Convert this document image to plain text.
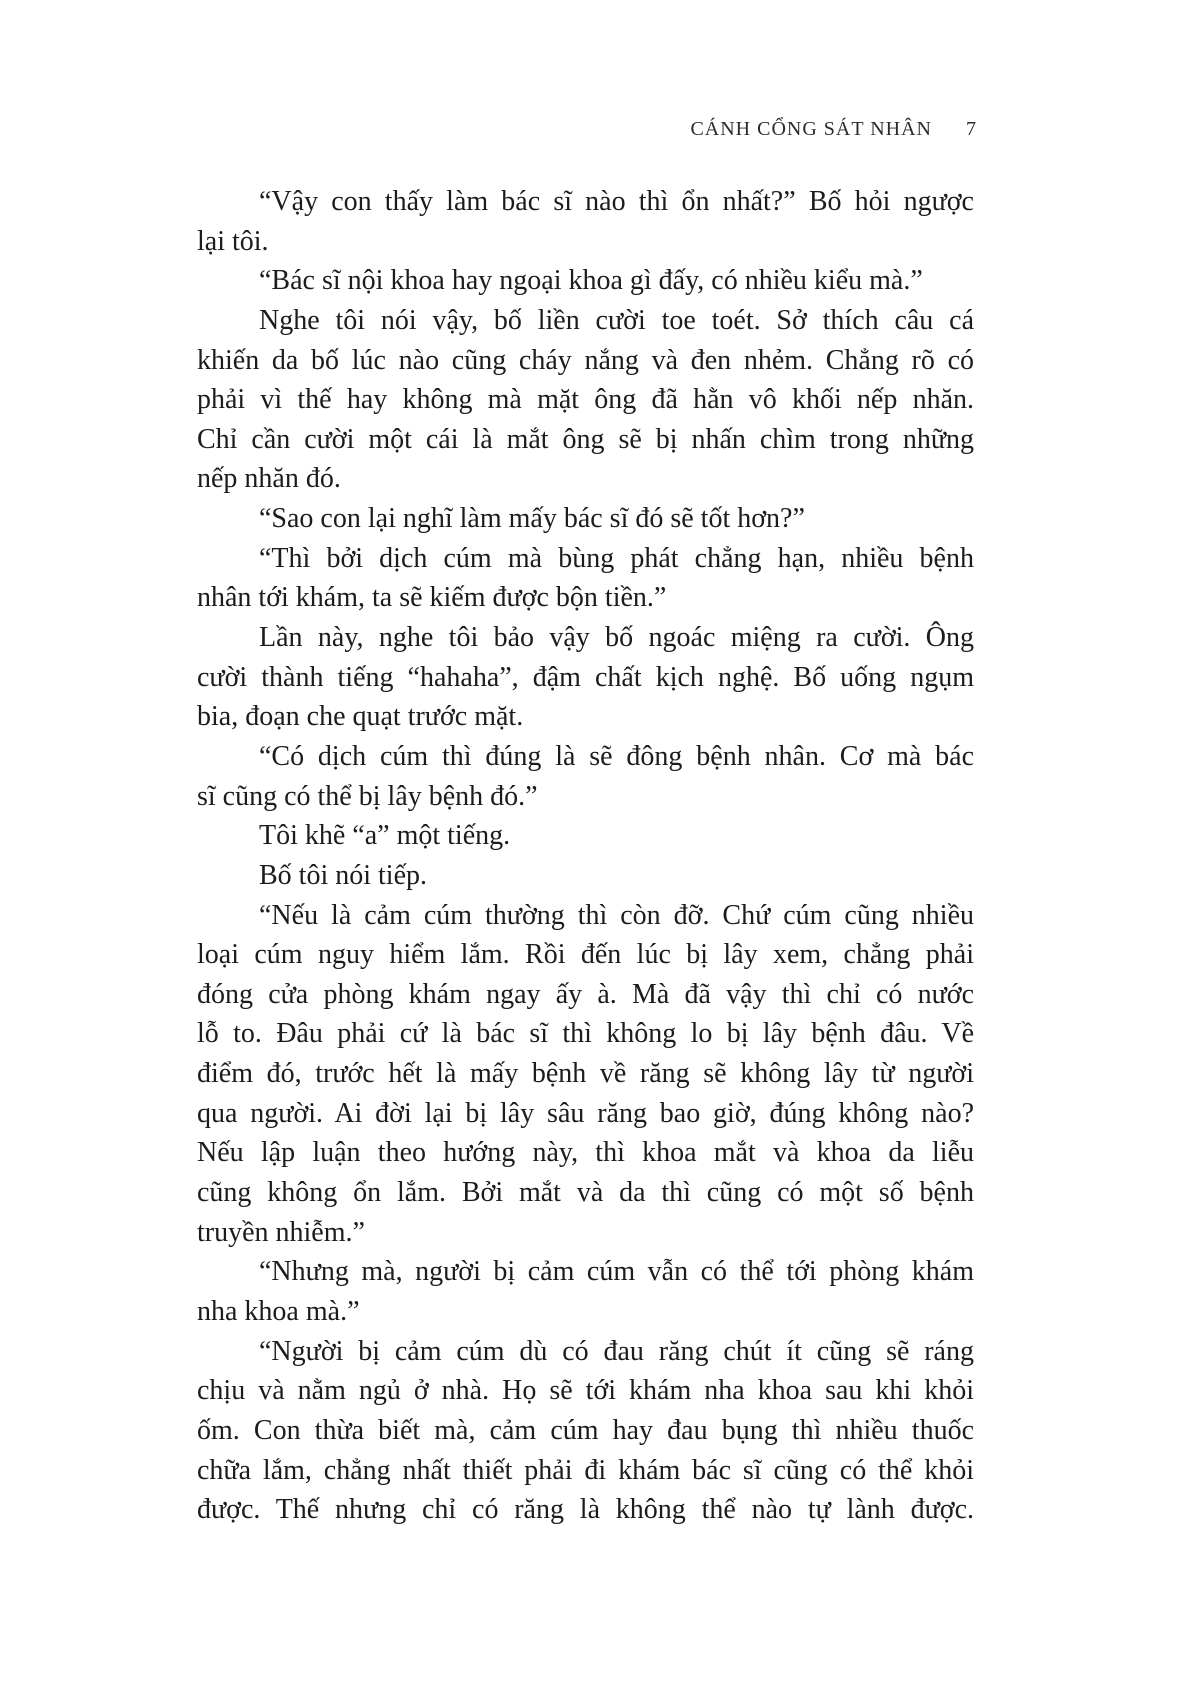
CÁNH CỔNG SÁT NHÂN 7
“Vậy con thấy làm bác sĩ nào thì ổn nhất?” Bố hỏi ngược
lại tôi.
“Bác sĩ nội khoa hay ngoại khoa gì đấy, có nhiều kiểu mà.”
Nghe tôi nói vậy, bố liền cười toe toét. Sở thích câu cá
khiến da bố lúc nào cũng cháy nắng và đen nhẻm. Chẳng rõ có
phải vì thế hay không mà mặt ông đã hằn vô khối nếp nhăn.
Chỉ cần cười một cái là mắt ông sẽ bị nhấn chìm trong những
nếp nhăn đó.
“Sao con lại nghĩ làm mấy bác sĩ đó sẽ tốt hơn?”
“Thì bởi dịch cúm mà bùng phát chẳng hạn, nhiều bệnh
nhân tới khám, ta sẽ kiếm được bộn tiền.”
Lần này, nghe tôi bảo vậy bố ngoác miệng ra cười. Ông
cười thành tiếng “hahaha”, đậm chất kịch nghệ. Bố uống ngụm
bia, đoạn che quạt trước mặt.
“Có dịch cúm thì đúng là sẽ đông bệnh nhân. Cơ mà bác
sĩ cũng có thể bị lây bệnh đó.”
Tôi khẽ “a” một tiếng.
Bố tôi nói tiếp.
“Nếu là cảm cúm thường thì còn đỡ. Chứ cúm cũng nhiều
loại cúm nguy hiểm lắm. Rồi đến lúc bị lây xem, chẳng phải
đóng cửa phòng khám ngay ấy à. Mà đã vậy thì chỉ có nước
lỗ to. Đâu phải cứ là bác sĩ thì không lo bị lây bệnh đâu. Về
điểm đó, trước hết là mấy bệnh về răng sẽ không lây từ người
qua người. Ai đời lại bị lây sâu răng bao giờ, đúng không nào?
Nếu lập luận theo hướng này, thì khoa mắt và khoa da liễu
cũng không ổn lắm. Bởi mắt và da thì cũng có một số bệnh
truyền nhiễm.”
“Nhưng mà, người bị cảm cúm vẫn có thể tới phòng khám
nha khoa mà.”
“Người bị cảm cúm dù có đau răng chút ít cũng sẽ ráng
chịu và nằm ngủ ở nhà. Họ sẽ tới khám nha khoa sau khi khỏi
ốm. Con thừa biết mà, cảm cúm hay đau bụng thì nhiều thuốc
chữa lắm, chẳng nhất thiết phải đi khám bác sĩ cũng có thể khỏi
được. Thế nhưng chỉ có răng là không thể nào tự lành được.
